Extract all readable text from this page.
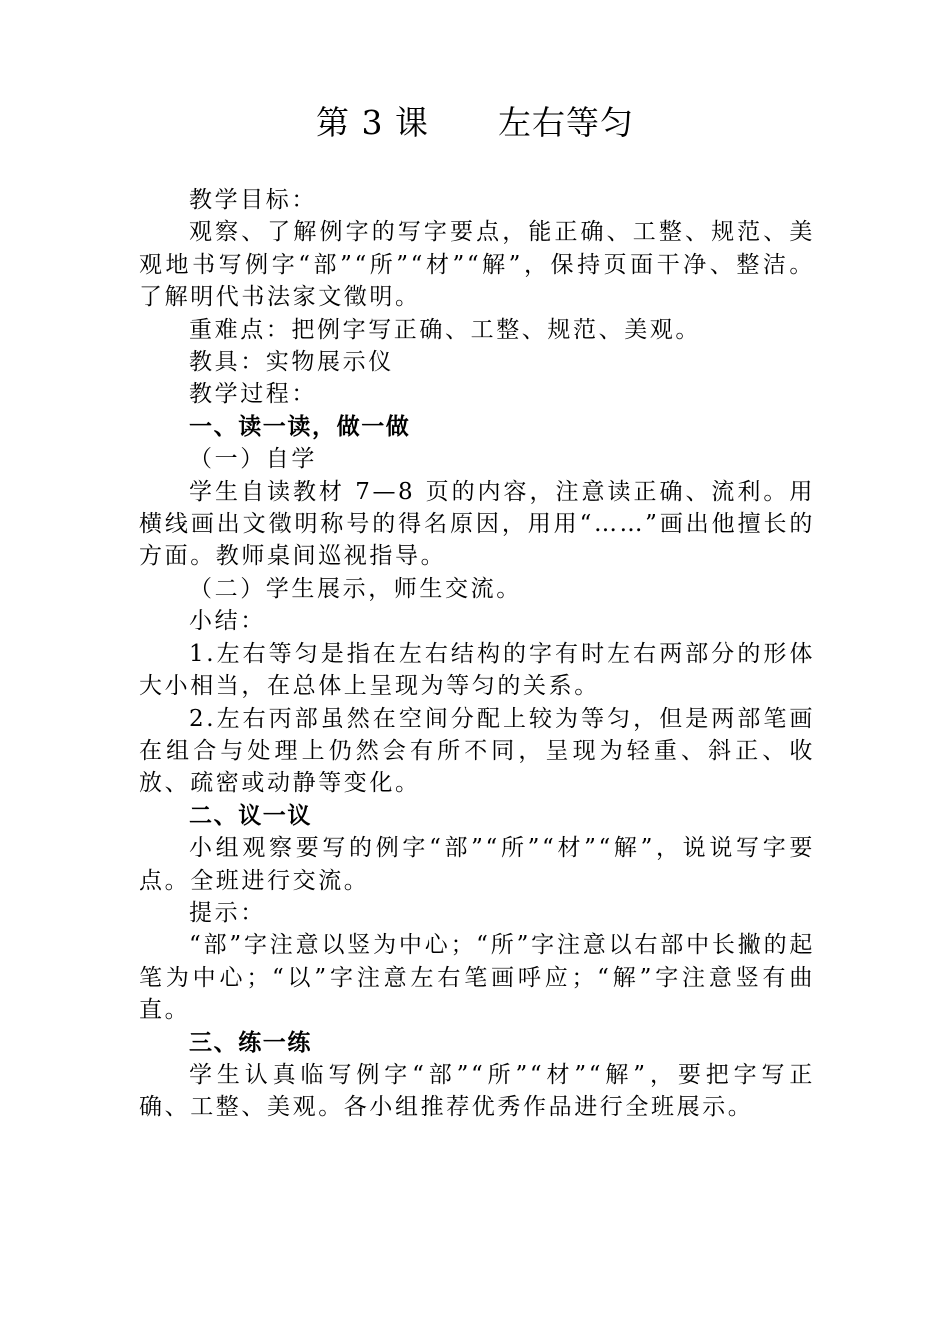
第 3 课      左右等匀

教学目标：

观察、了解例字的写字要点，能正确、工整、规范、美观地书写例字“部”“所”“材”“解”，保持页面干净、整洁。了解明代书法家文徵明。

重难点：把例字写正确、工整、规范、美观。

教具：实物展示仪

教学过程：

一、读一读，做一做

（一）自学

学生自读教材 7—8 页的内容，注意读正确、流利。用横线画出文徵明称号的得名原因，用用“……”画出他擅长的方面。教师桌间巡视指导。

（二）学生展示，师生交流。

小结：

1.左右等匀是指在左右结构的字有时左右两部分的形体大小相当，在总体上呈现为等匀的关系。

2.左右丙部虽然在空间分配上较为等匀，但是两部笔画在组合与处理上仍然会有所不同，呈现为轻重、斜正、收放、疏密或动静等变化。

二、议一议

小组观察要写的例字“部”“所”“材”“解”，说说写字要点。全班进行交流。

提示：

“部”字注意以竖为中心；“所”字注意以右部中长撇的起笔为中心；“以”字注意左右笔画呼应；“解”字注意竖有曲直。

三、练一练

学生认真临写例字“部”“所”“材”“解”，要把字写正确、工整、美观。各小组推荐优秀作品进行全班展示。
